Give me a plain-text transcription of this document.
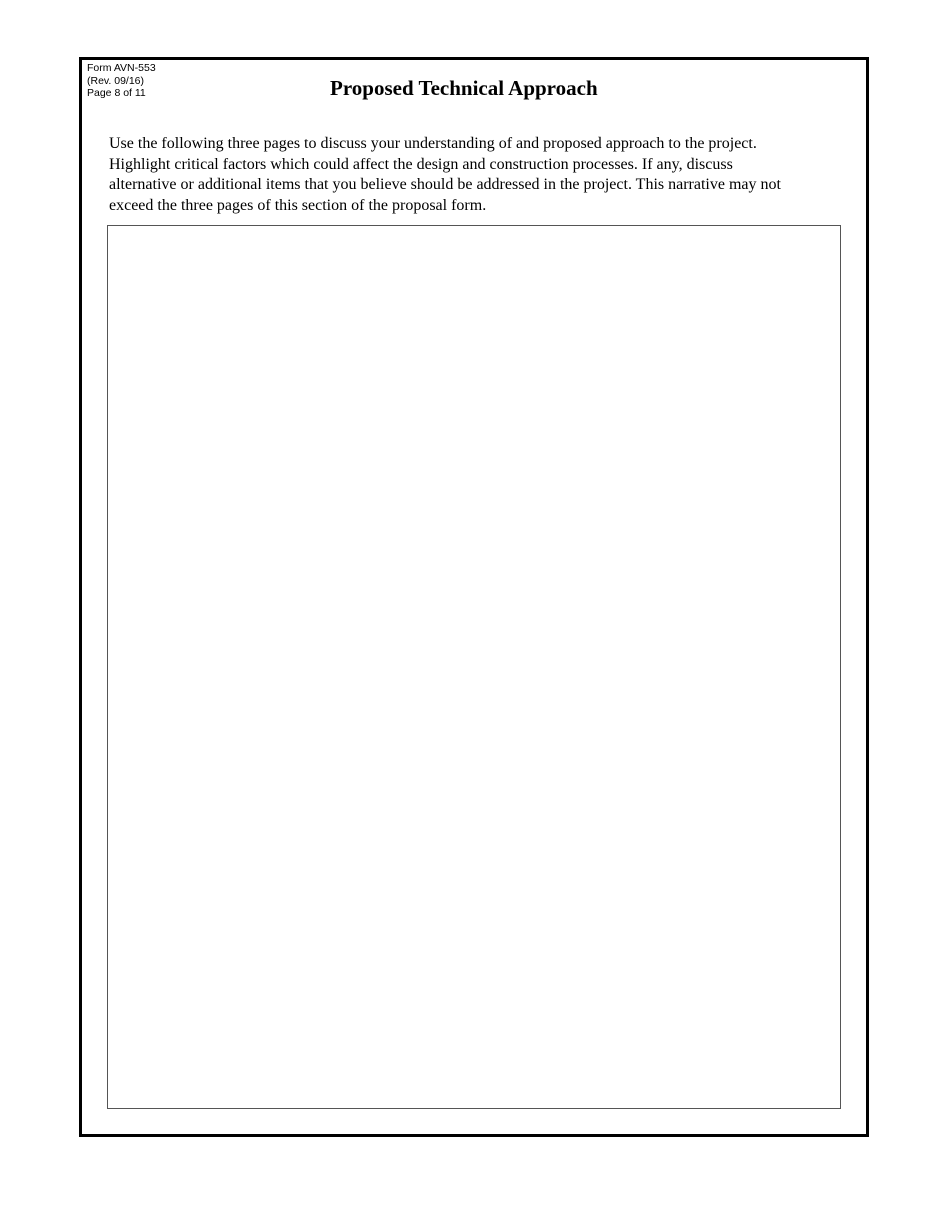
Form AVN-553
(Rev. 09/16)
Page 8 of 11	Proposed Technical Approach
Use the following three pages to discuss your understanding of and proposed approach to the project.
Highlight critical factors which could affect the design and construction processes. If any, discuss
alternative or additional items that you believe should be addressed in the project. This narrative may not
exceed the three pages of this section of the proposal form.
